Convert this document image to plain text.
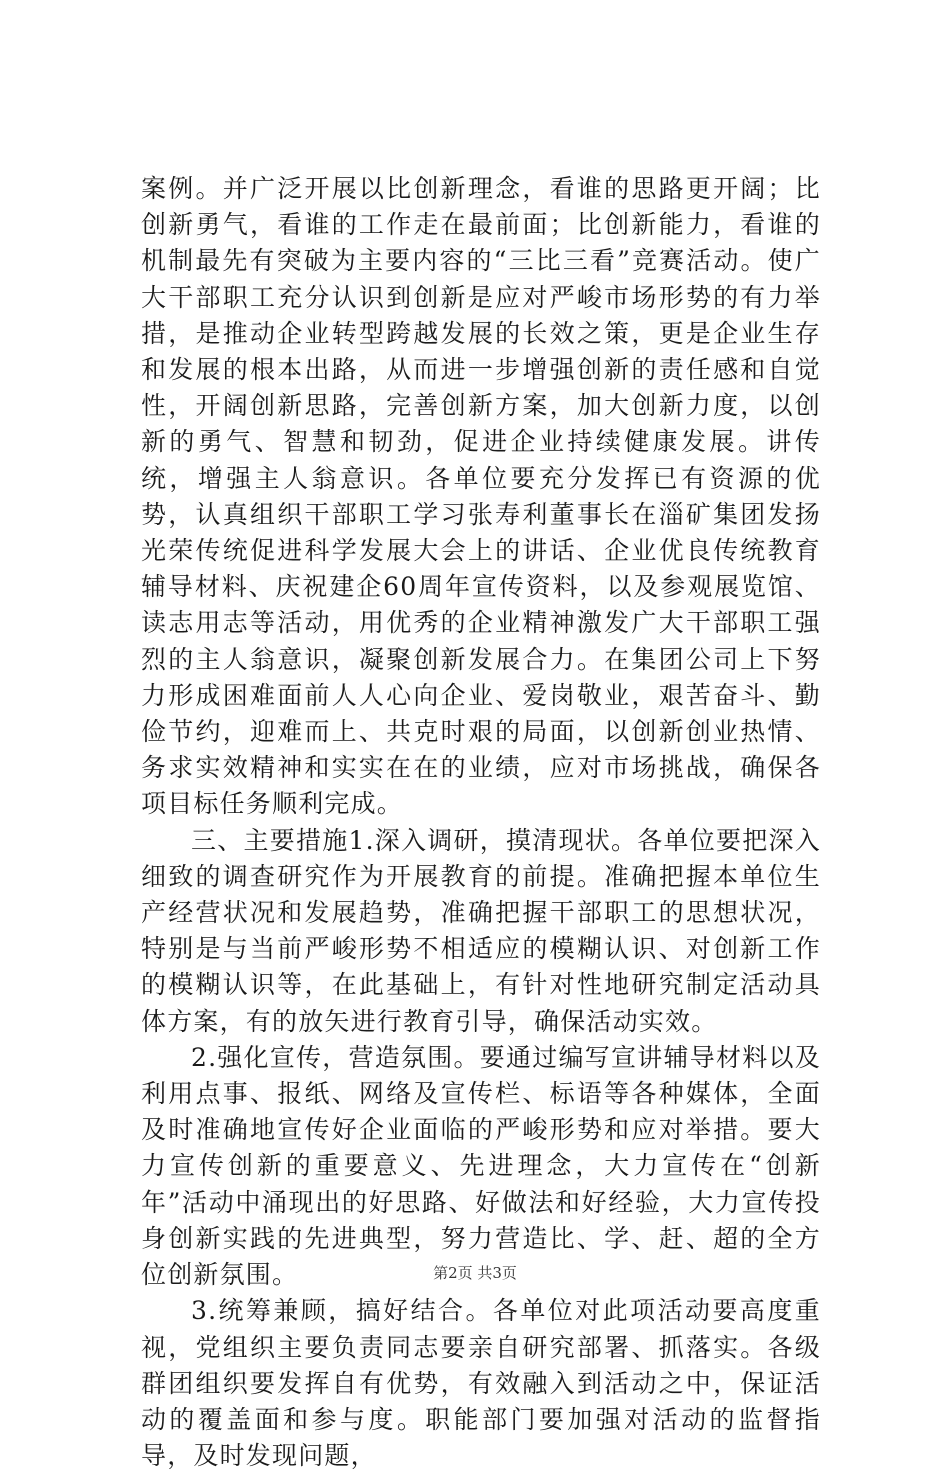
案例。并广泛开展以比创新理念，看谁的思路更开阔；比创新勇气，看谁的工作走在最前面；比创新能力，看谁的机制最先有突破为主要内容的“三比三看”竞赛活动。使广大干部职工充分认识到创新是应对严峻市场形势的有力举措，是推动企业转型跨越发展的长效之策，更是企业生存和发展的根本出路，从而进一步增强创新的责任感和自觉性，开阔创新思路，完善创新方案，加大创新力度，以创新的勇气、智慧和韧劲，促进企业持续健康发展。讲传统，增强主人翁意识。各单位要充分发挥已有资源的优势，认真组织干部职工学习张寿利董事长在淄矿集团发扬光荣传统促进科学发展大会上的讲话、企业优良传统教育辅导材料、庆祝建企60周年宣传资料，以及参观展览馆、读志用志等活动，用优秀的企业精神激发广大干部职工强烈的主人翁意识，凝聚创新发展合力。在集团公司上下努力形成困难面前人人心向企业、爱岗敬业，艰苦奋斗、勤俭节约，迎难而上、共克时艰的局面，以创新创业热情、务求实效精神和实实在在的业绩，应对市场挑战，确保各项目标任务顺利完成。

三、主要措施1.深入调研，摸清现状。各单位要把深入细致的调查研究作为开展教育的前提。准确把握本单位生产经营状况和发展趋势，准确把握干部职工的思想状况，特别是与当前严峻形势不相适应的模糊认识、对创新工作的模糊认识等，在此基础上，有针对性地研究制定活动具体方案，有的放矢进行教育引导，确保活动实效。

2.强化宣传，营造氛围。要通过编写宣讲辅导材料以及利用点事、报纸、网络及宣传栏、标语等各种媒体，全面及时准确地宣传好企业面临的严峻形势和应对举措。要大力宣传创新的重要意义、先进理念，大力宣传在“创新年”活动中涌现出的好思路、好做法和好经验，大力宣传投身创新实践的先进典型，努力营造比、学、赶、超的全方位创新氛围。

3.统筹兼顾，搞好结合。各单位对此项活动要高度重视，党组织主要负责同志要亲自研究部署、抓落实。各级群团组织要发挥自有优势，有效融入到活动之中，保证活动的覆盖面和参与度。职能部门要加强对活动的监督指导，及时发现问题，

第2页 共3页
